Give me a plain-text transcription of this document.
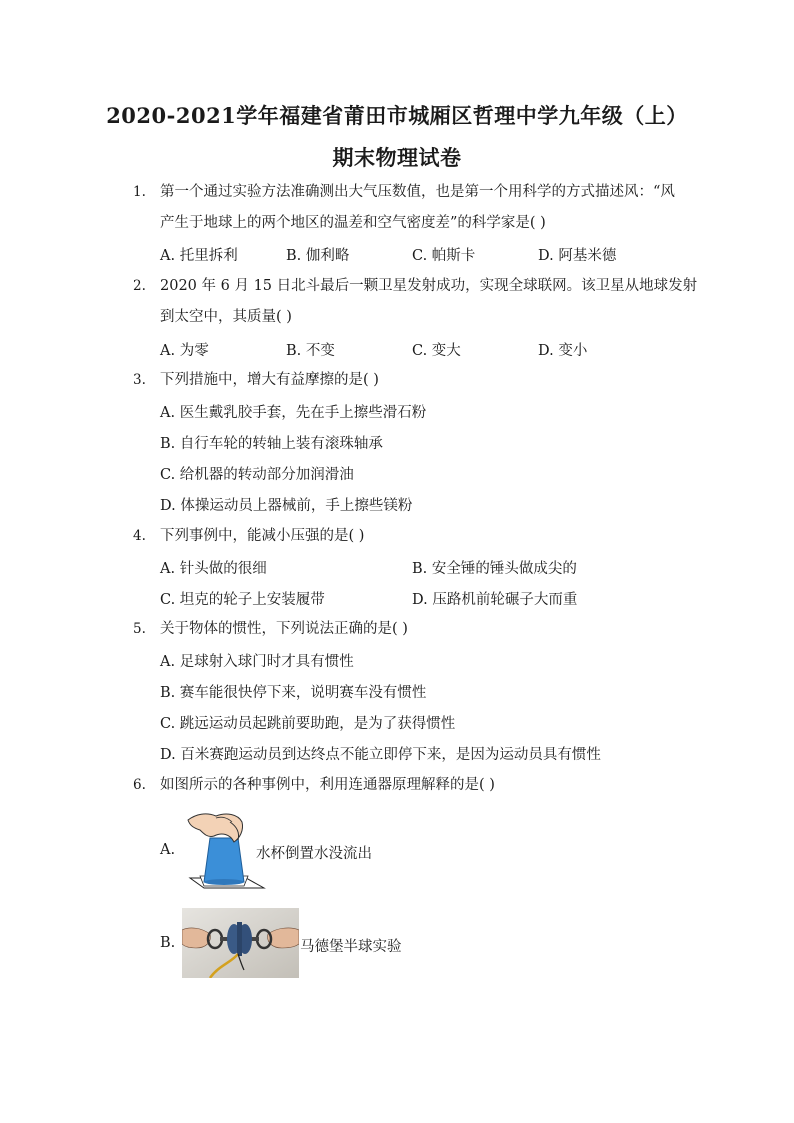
2020-2021学年福建省莆田市城厢区哲理中学九年级（上）
期末物理试卷
1. 第一个通过实验方法准确测出大气压数值，也是第一个用科学的方式描述风：“风
产生于地球上的两个地区的温差和空气密度差”的科学家是( )
A. 托里拆利	B. 伽利略	C. 帕斯卡	D. 阿基米德
2. 2020 年 6 月 15 日北斗最后一颗卫星发射成功，实现全球联网。该卫星从地球发射
到太空中，其质量( )
A. 为零	B. 不变	C. 变大	D. 变小
3. 下列措施中，增大有益摩擦的是( )
A. 医生戴乳胶手套，先在手上擦些滑石粉
B. 自行车轮的转轴上装有滚珠轴承
C. 给机器的转动部分加润滑油
D. 体操运动员上器械前，手上擦些镁粉
4. 下列事例中，能减小压强的是( )
A. 针头做的很细	B. 安全锤的锤头做成尖的
C. 坦克的轮子上安装履带	D. 压路机前轮碾子大而重
5. 关于物体的惯性，下列说法正确的是( )
A. 足球射入球门时才具有惯性
B. 赛车能很快停下来，说明赛车没有惯性
C. 跳远运动员起跳前要助跑，是为了获得惯性
D. 百米赛跑运动员到达终点不能立即停下来，是因为运动员具有惯性
6. 如图所示的各种事例中，利用连通器原理解释的是( )
A.	水杯倒置水没流出
B.	马德堡半球实验
